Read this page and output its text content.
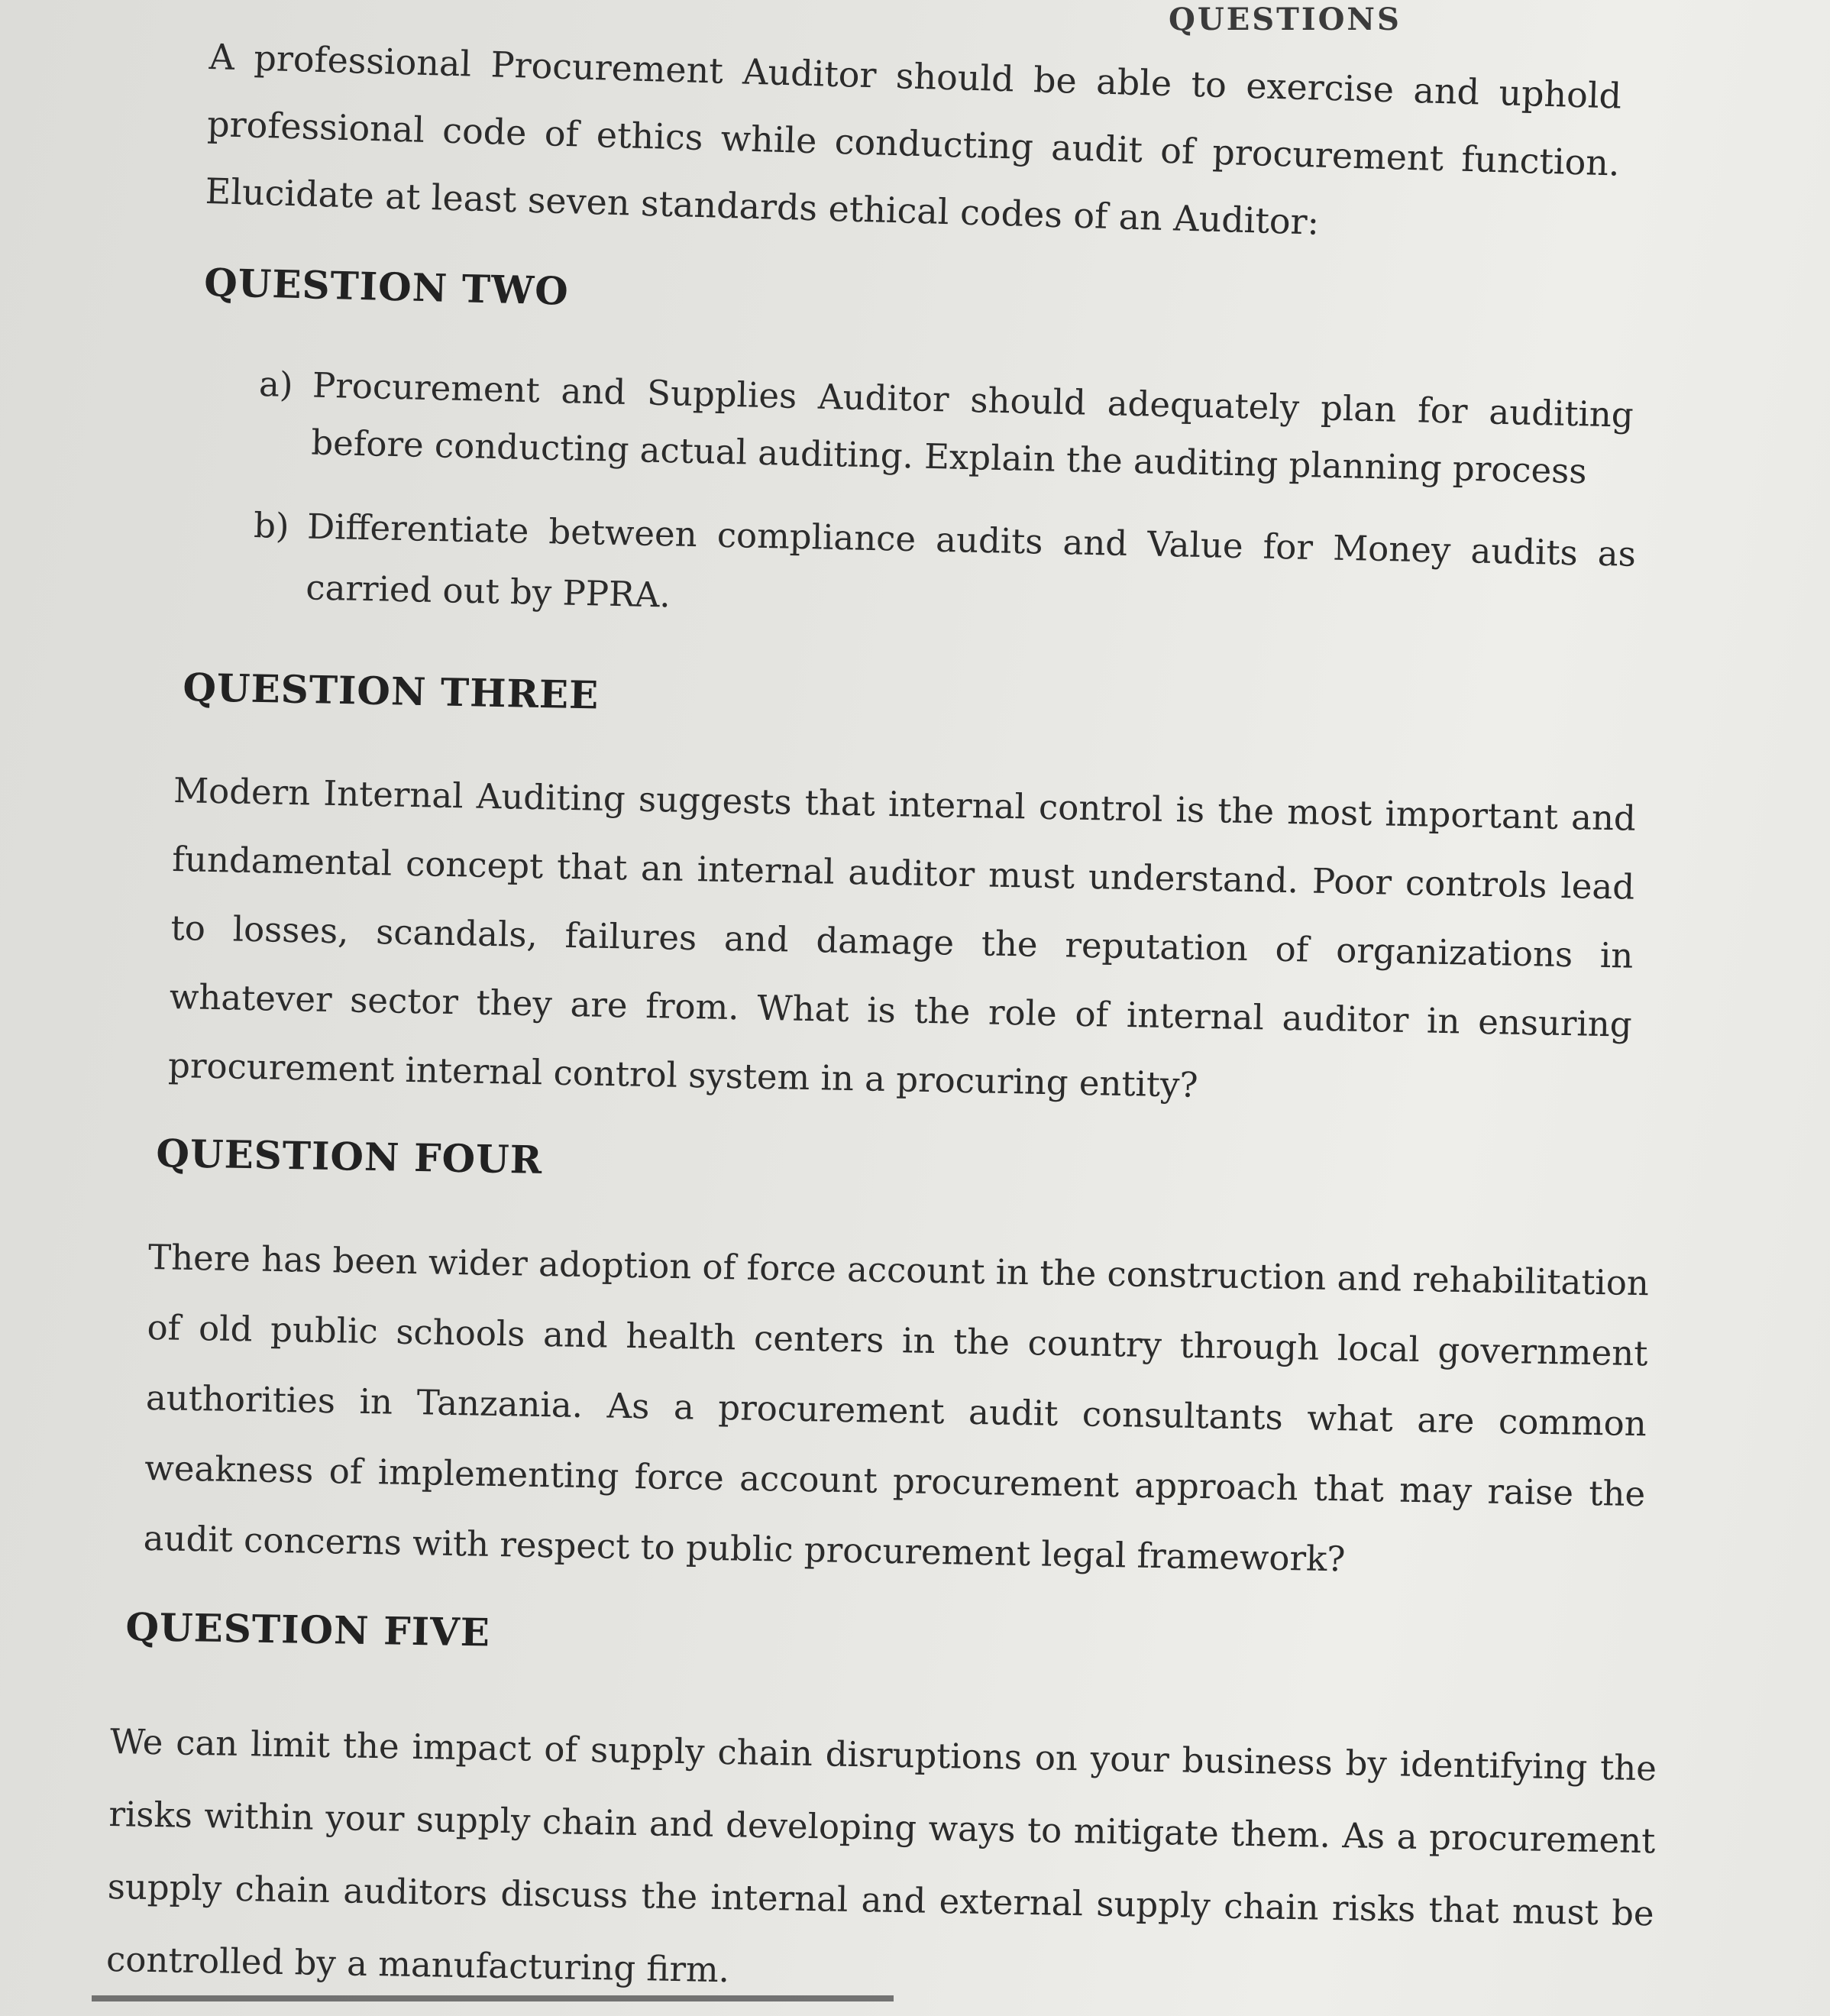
QUESTIONS

A professional Procurement Auditor should be able to exercise and uphold professional code of ethics while conducting audit of procurement function. Elucidate at least seven standards ethical codes of an Auditor:

QUESTION TWO
a) Procurement and Supplies Auditor should adequately plan for auditing before conducting actual auditing. Explain the auditing planning process
b) Differentiate between compliance audits and Value for Money audits as carried out by PPRA.
QUESTION THREE

Modern Internal Auditing suggests that internal control is the most important and fundamental concept that an internal auditor must understand. Poor controls lead to losses, scandals, failures and damage the reputation of organizations in whatever sector they are from. What is the role of internal auditor in ensuring procurement internal control system in a procuring entity?

QUESTION FOUR

There has been wider adoption of force account in the construction and rehabilitation of old public schools and health centers in the country through local government authorities in Tanzania. As a procurement audit consultants what are common weakness of implementing force account procurement approach that may raise the audit concerns with respect to public procurement legal framework?

QUESTION FIVE

We can limit the impact of supply chain disruptions on your business by identifying the risks within your supply chain and developing ways to mitigate them. As a procurement supply chain auditors discuss the internal and external supply chain risks that must be controlled by a manufacturing firm.
